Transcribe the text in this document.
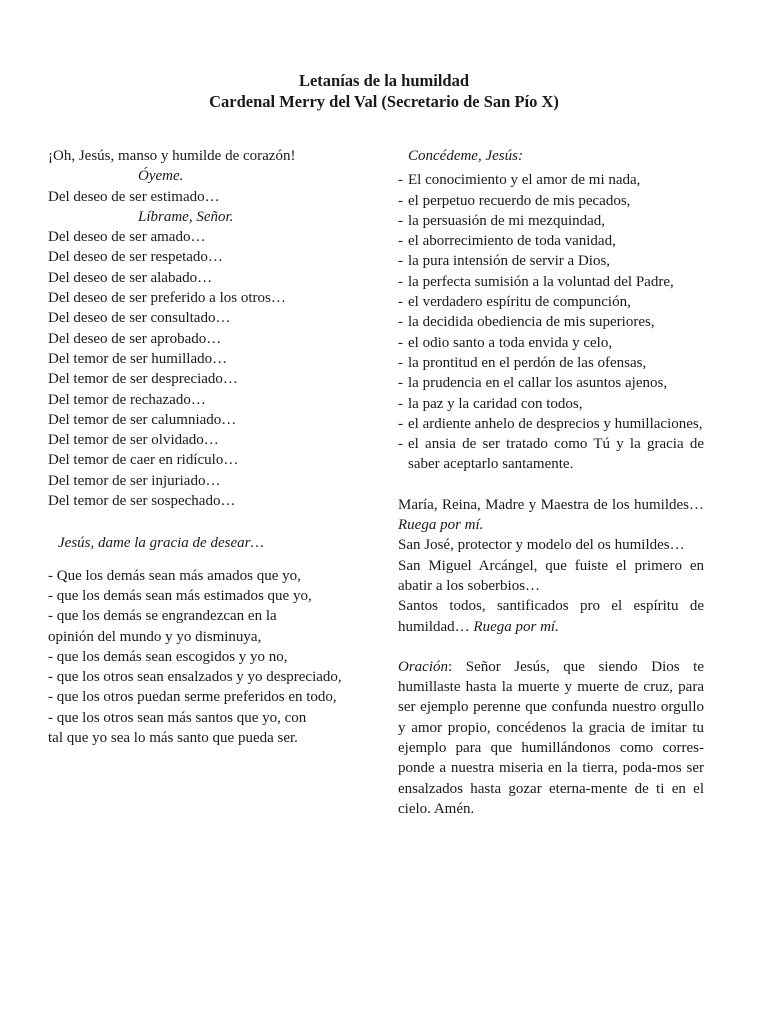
Letanías de la humildad
Cardenal Merry del Val (Secretario de San Pío X)
¡Oh, Jesús, manso y humilde de corazón!
Óyeme.
Del deseo de ser estimado…
Líbrame, Señor.
Del deseo de ser amado…
Del deseo de ser respetado…
Del deseo de ser alabado…
Del deseo de ser preferido a los otros…
Del deseo de ser consultado…
Del deseo de ser aprobado…
Del temor de ser humillado…
Del temor de ser despreciado…
Del temor de rechazado…
Del temor de ser calumniado…
Del temor de ser olvidado…
Del temor de caer en ridículo…
Del temor de ser injuriado…
Del temor de ser sospechado…
Jesús, dame la gracia de desear…
- Que los demás sean más amados que yo,
- que los demás sean más estimados que yo,
- que los demás se engrandezcan en la
opinión del mundo y yo disminuya,
- que los demás sean escogidos y yo no,
- que los otros sean ensalzados y yo despreciado,
- que los otros puedan serme preferidos en todo,
- que los otros sean más santos que yo, con
tal que yo sea lo más santo que pueda ser.
Concédeme, Jesús:
- El conocimiento y el amor de mi nada,
- el perpetuo recuerdo de mis pecados,
- la persuasión de mi mezquindad,
- el aborrecimiento de toda vanidad,
- la pura intensión de servir a Dios,
- la perfecta sumisión a la voluntad del Padre,
- el verdadero espíritu de compunción,
- la decidida obediencia de mis superiores,
- el odio santo a toda envida y celo,
- la prontitud en el perdón de las ofensas,
- la prudencia en el callar los asuntos ajenos,
- la paz y la caridad con todos,
- el ardiente anhelo de desprecios y humillaciones,
- el ansia de ser tratado como Tú y la gracia de saber aceptarlo santamente.
María, Reina, Madre y Maestra de los humildes… Ruega por mí.
San José, protector y modelo del os humildes…
San Miguel Arcángel, que fuiste el primero en abatir a los soberbios…
Santos todos, santificados pro el espíritu de humildad… Ruega por mí.
Oración: Señor Jesús, que siendo Dios te humillaste hasta la muerte y muerte de cruz, para ser ejemplo perenne que confunda nuestro orgullo y amor propio, concédenos la gracia de imitar tu ejemplo para que humillándonos como corres-ponde a nuestra miseria en la tierra, poda-mos ser ensalzados hasta gozar eterna-mente de ti en el cielo. Amén.
